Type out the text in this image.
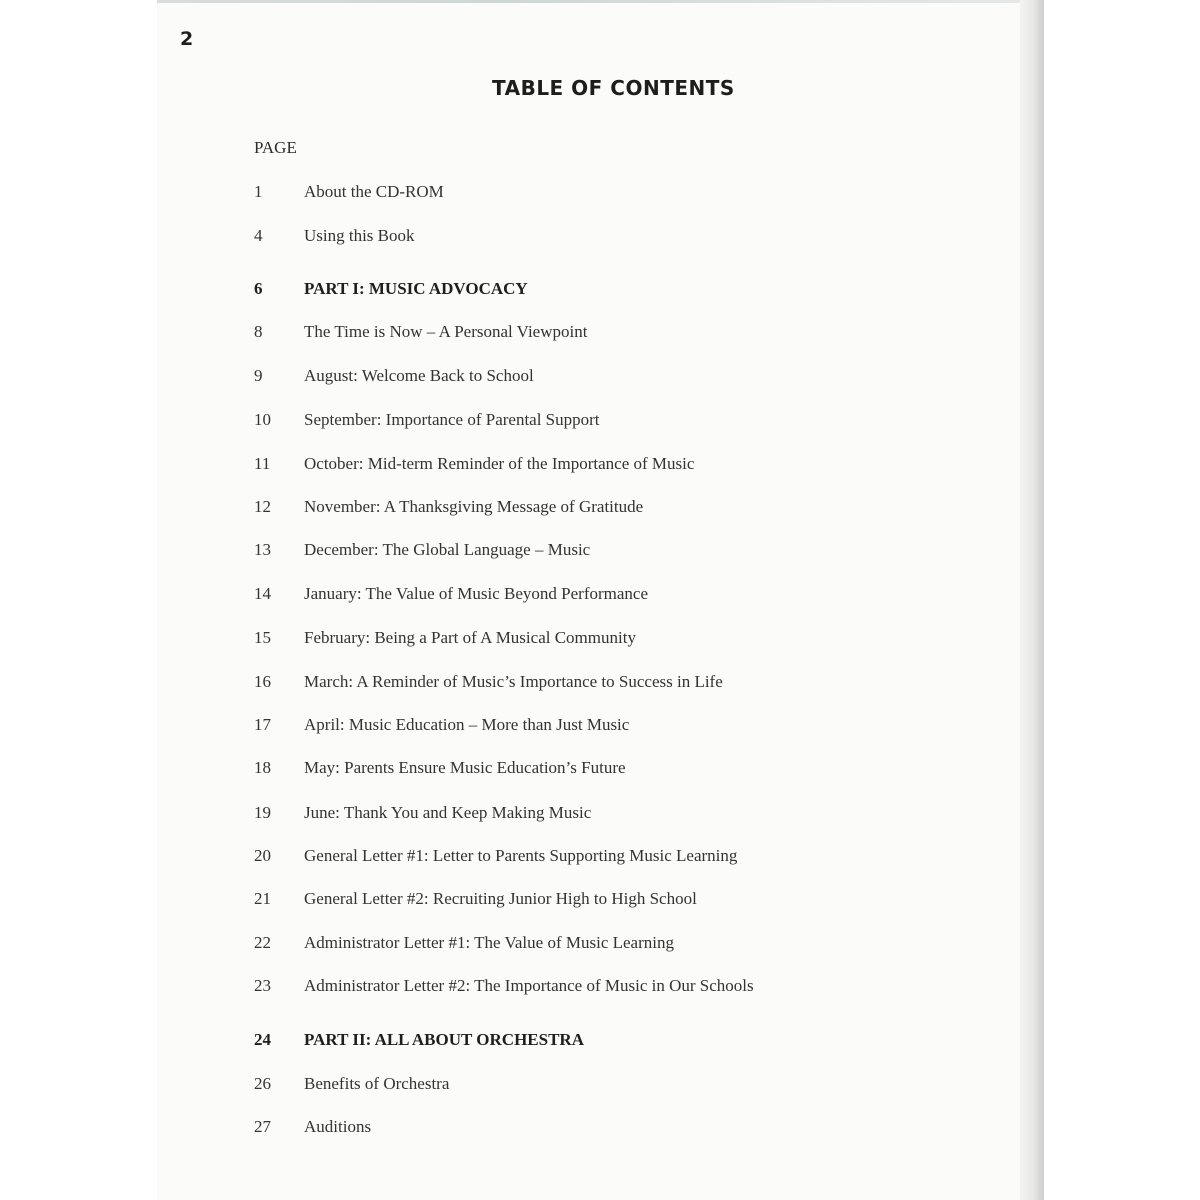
2
TABLE OF CONTENTS
PAGE
1 About the CD-ROM
4 Using this Book
6 PART I: MUSIC ADVOCACY
8 The Time is Now – A Personal Viewpoint
9 August: Welcome Back to School
10 September: Importance of Parental Support
11 October: Mid-term Reminder of the Importance of Music
12 November: A Thanksgiving Message of Gratitude
13 December: The Global Language – Music
14 January: The Value of Music Beyond Performance
15 February: Being a Part of A Musical Community
16 March: A Reminder of Music’s Importance to Success in Life
17 April: Music Education – More than Just Music
18 May: Parents Ensure Music Education’s Future
19 June: Thank You and Keep Making Music
20 General Letter #1: Letter to Parents Supporting Music Learning
21 General Letter #2: Recruiting Junior High to High School
22 Administrator Letter #1: The Value of Music Learning
23 Administrator Letter #2: The Importance of Music in Our Schools
24 PART II: ALL ABOUT ORCHESTRA
26 Benefits of Orchestra
27 Auditions
